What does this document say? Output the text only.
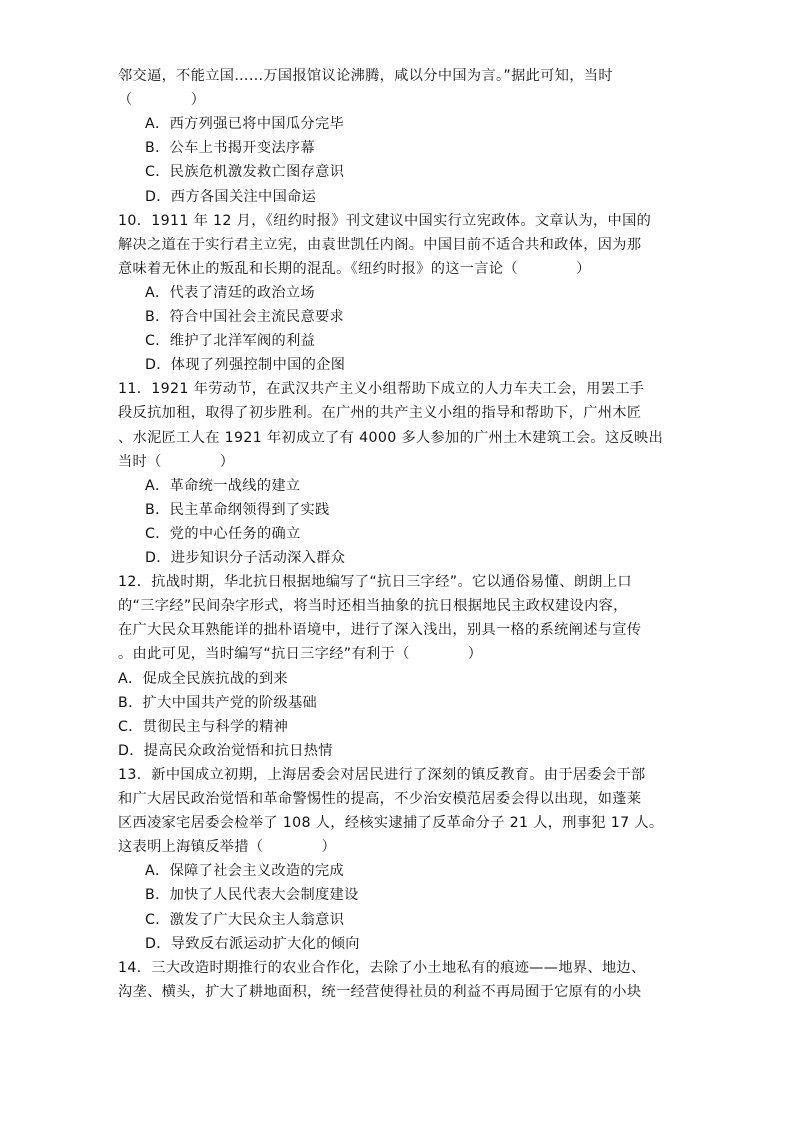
邻交逼，不能立国……万国报馆议论沸腾，咸以分中国为言。”据此可知，当时
（　　　　）
A．西方列强已将中国瓜分完毕
B．公车上书揭开变法序幕
C．民族危机激发救亡图存意识
D．西方各国关注中国命运
10．1911 年 12 月，《纽约时报》刊文建议中国实行立宪政体。文章认为，中国的
解决之道在于实行君主立宪，由袁世凯任内阁。中国目前不适合共和政体，因为那
意味着无休止的叛乱和长期的混乱。《纽约时报》的这一言论（　　　　）
A．代表了清廷的政治立场
B．符合中国社会主流民意要求
C．维护了北洋军阀的利益
D．体现了列强控制中国的企图
11．1921 年劳动节，在武汉共产主义小组帮助下成立的人力车夫工会，用罢工手
段反抗加租，取得了初步胜利。在广州的共产主义小组的指导和帮助下，广州木匠
、水泥匠工人在 1921 年初成立了有 4000 多人参加的广州土木建筑工会。这反映出
当时（　　　　）
A．革命统一战线的建立
B．民主革命纲领得到了实践
C．党的中心任务的确立
D．进步知识分子活动深入群众
12．抗战时期，华北抗日根据地编写了“抗日三字经”。它以通俗易懂、朗朗上口
的“三字经”民间杂字形式，将当时还相当抽象的抗日根据地民主政权建设内容，
在广大民众耳熟能详的拙朴语境中，进行了深入浅出，别具一格的系统阐述与宣传
。由此可见，当时编写“抗日三字经”有利于（　　　　）
A．促成全民族抗战的到来
B．扩大中国共产党的阶级基础
C．贯彻民主与科学的精神
D．提高民众政治觉悟和抗日热情
13．新中国成立初期，上海居委会对居民进行了深刻的镇反教育。由于居委会干部
和广大居民政治觉悟和革命警惕性的提高，不少治安模范居委会得以出现，如蓬莱
区西凌家宅居委会检举了 108 人，经核实逮捕了反革命分子 21 人，刑事犯 17 人。
这表明上海镇反举措（　　　　）
A．保障了社会主义改造的完成
B．加快了人民代表大会制度建设
C．激发了广大民众主人翁意识
D．导致反右派运动扩大化的倾向
14．三大改造时期推行的农业合作化，去除了小土地私有的痕迹——地界、地边、
沟垄、横头，扩大了耕地面积，统一经营使得社员的利益不再局囿于它原有的小块
